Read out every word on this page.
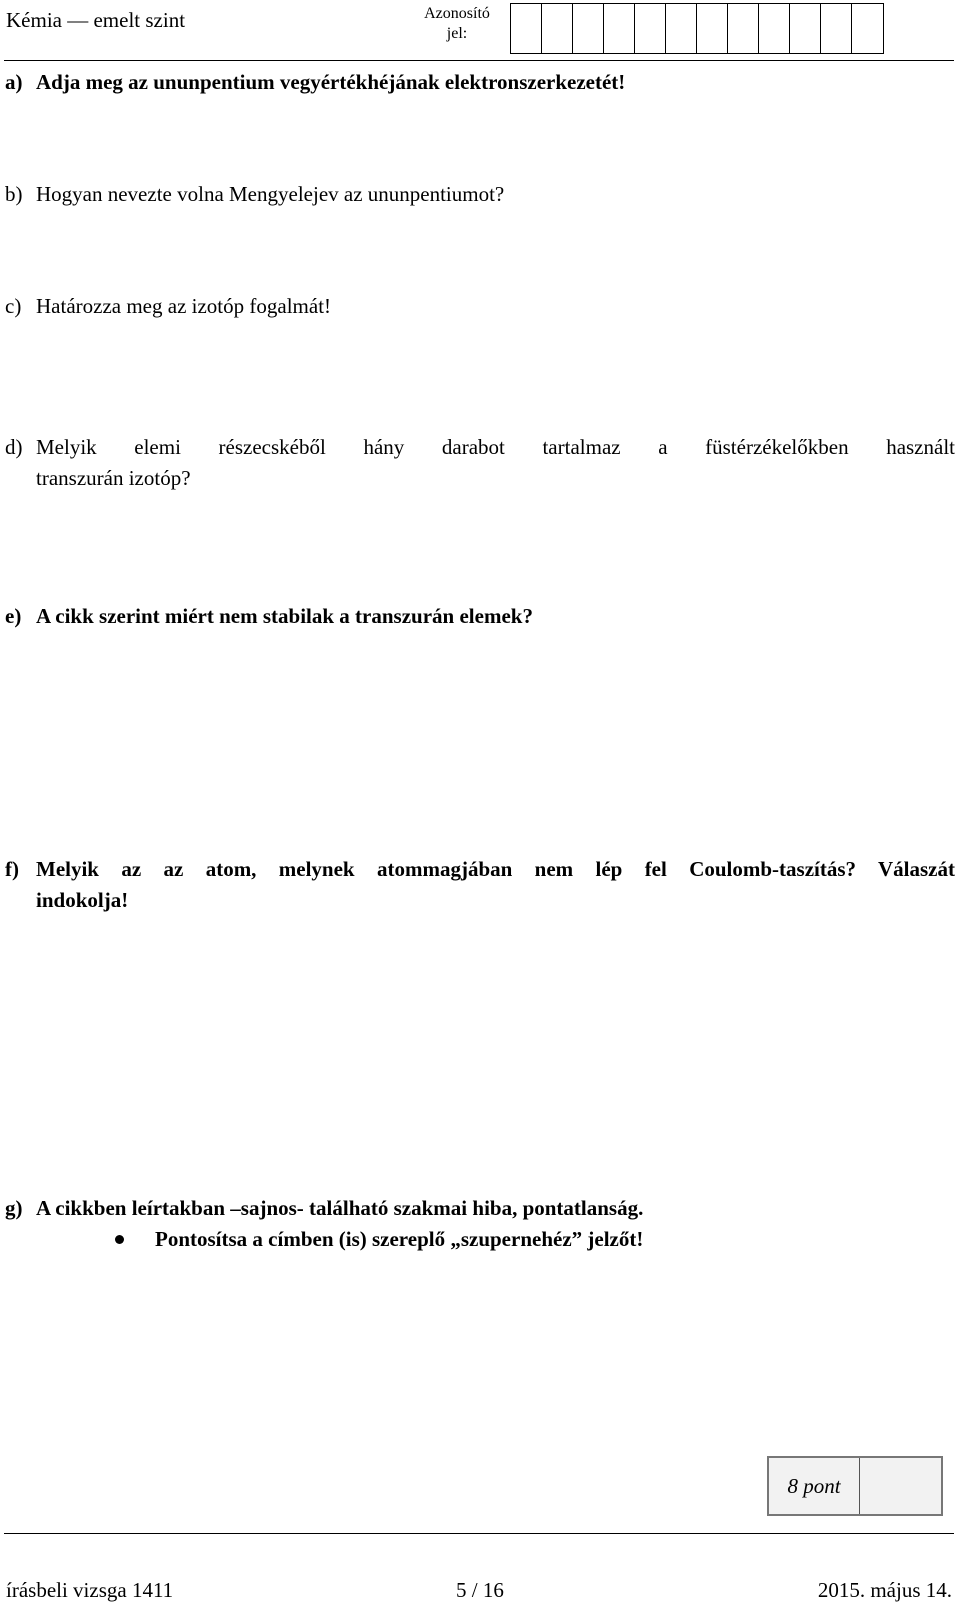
Kémia — emelt szint	Azonosító
jel:
a) Adja meg az ununpentium vegyértékhéjának elektronszerkezetét!
b) Hogyan nevezte volna Mengyelejev az ununpentiumot?
c) Határozza meg az izotóp fogalmát!
d) Melyik elemi részecskéből hány darabot tartalmaz a füstérzékelőkben használt
transzurán izotóp?
e) A cikk szerint miért nem stabilak a transzurán elemek?
f) Melyik az az atom, melynek atommagjában nem lép fel Coulomb-taszítás? Válaszát
indokolja!
g) A cikkben leírtakban –sajnos- található szakmai hiba, pontatlanság.
Pontosítsa a címben (is) szereplő „szupernehéz” jelzőt!
8 pont
írásbeli vizsga 1411	5 / 16	2015. május 14.
